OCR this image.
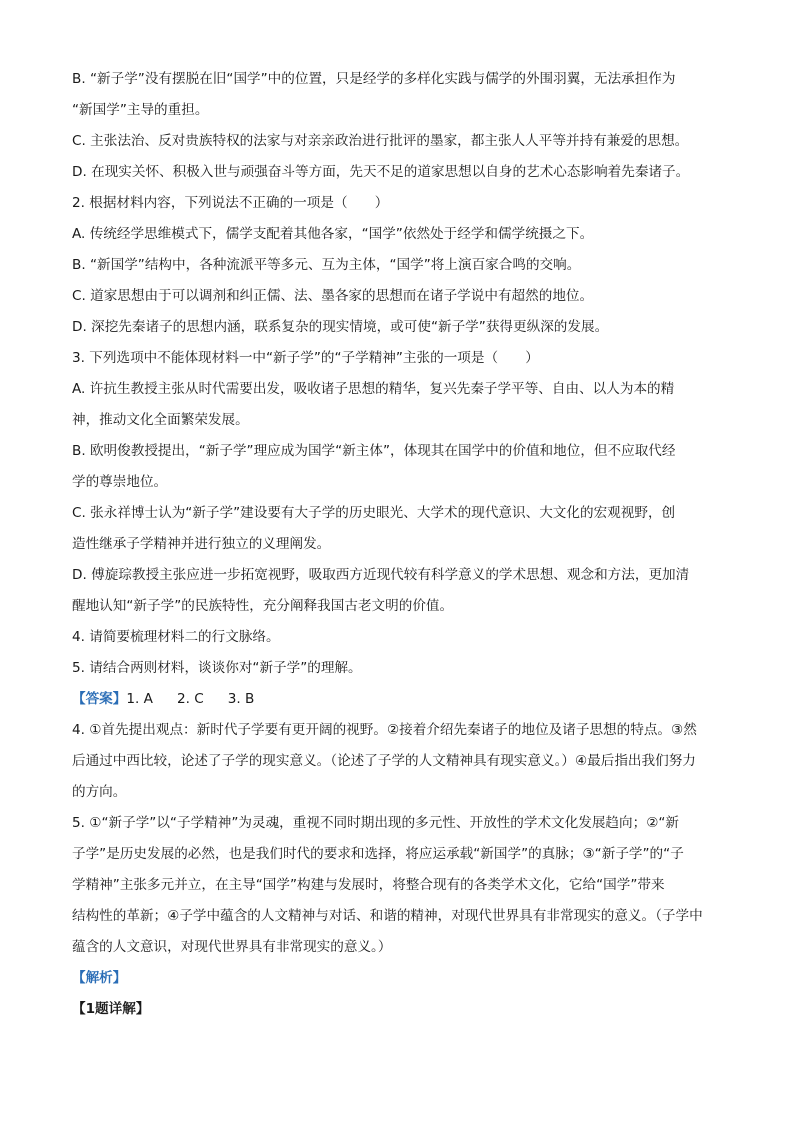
B. “新子学”没有摆脱在旧“国学”中的位置，只是经学的多样化实践与儒学的外围羽翼，无法承担作为
“新国学”主导的重担。
C. 主张法治、反对贵族特权的法家与对亲亲政治进行批评的墨家，都主张人人平等并持有兼爱的思想。
D. 在现实关怀、积极入世与顽强奋斗等方面，先天不足的道家思想以自身的艺术心态影响着先秦诸子。
2. 根据材料内容，下列说法不正确的一项是（　　）
A. 传统经学思维模式下，儒学支配着其他各家，“国学”依然处于经学和儒学统摄之下。
B. “新国学”结构中，各种流派平等多元、互为主体，“国学”将上演百家合鸣的交响。
C. 道家思想由于可以调剂和纠正儒、法、墨各家的思想而在诸子学说中有超然的地位。
D. 深挖先秦诸子的思想内涵，联系复杂的现实情境，或可使“新子学”获得更纵深的发展。
3. 下列选项中不能体现材料一中“新子学”的“子学精神”主张的一项是（　　）
A. 许抗生教授主张从时代需要出发，吸收诸子思想的精华，复兴先秦子学平等、自由、以人为本的精
神，推动文化全面繁荣发展。
B. 欧明俊教授提出，“新子学”理应成为国学“新主体”，体现其在国学中的价值和地位，但不应取代经
学的尊崇地位。
C. 张永祥博士认为“新子学”建设要有大子学的历史眼光、大学术的现代意识、大文化的宏观视野，创
造性继承子学精神并进行独立的义理阐发。
D. 傅旋琮教授主张应进一步拓宽视野，吸取西方近现代较有科学意义的学术思想、观念和方法，更加清
醒地认知“新子学”的民族特性，充分阐释我国古老文明的价值。
4. 请简要梳理材料二的行文脉络。
5. 请结合两则材料，谈谈你对“新子学”的理解。
【答案】1. A 2. C 3. B
4. ①首先提出观点：新时代子学要有更开阔的视野。②接着介绍先秦诸子的地位及诸子思想的特点。③然
后通过中西比较，论述了子学的现实意义。（论述了子学的人文精神具有现实意义。）④最后指出我们努力
的方向。
5. ①“新子学”以“子学精神”为灵魂，重视不同时期出现的多元性、开放性的学术文化发展趋向；②“新
子学”是历史发展的必然，也是我们时代的要求和选择，将应运承载“新国学”的真脉；③“新子学”的“子
学精神”主张多元并立，在主导“国学”构建与发展时，将整合现有的各类学术文化，它给“国学”带来
结构性的革新；④子学中蕴含的人文精神与对话、和谐的精神，对现代世界具有非常现实的意义。（子学中
蕴含的人文意识，对现代世界具有非常现实的意义。）
【解析】
【1题详解】
